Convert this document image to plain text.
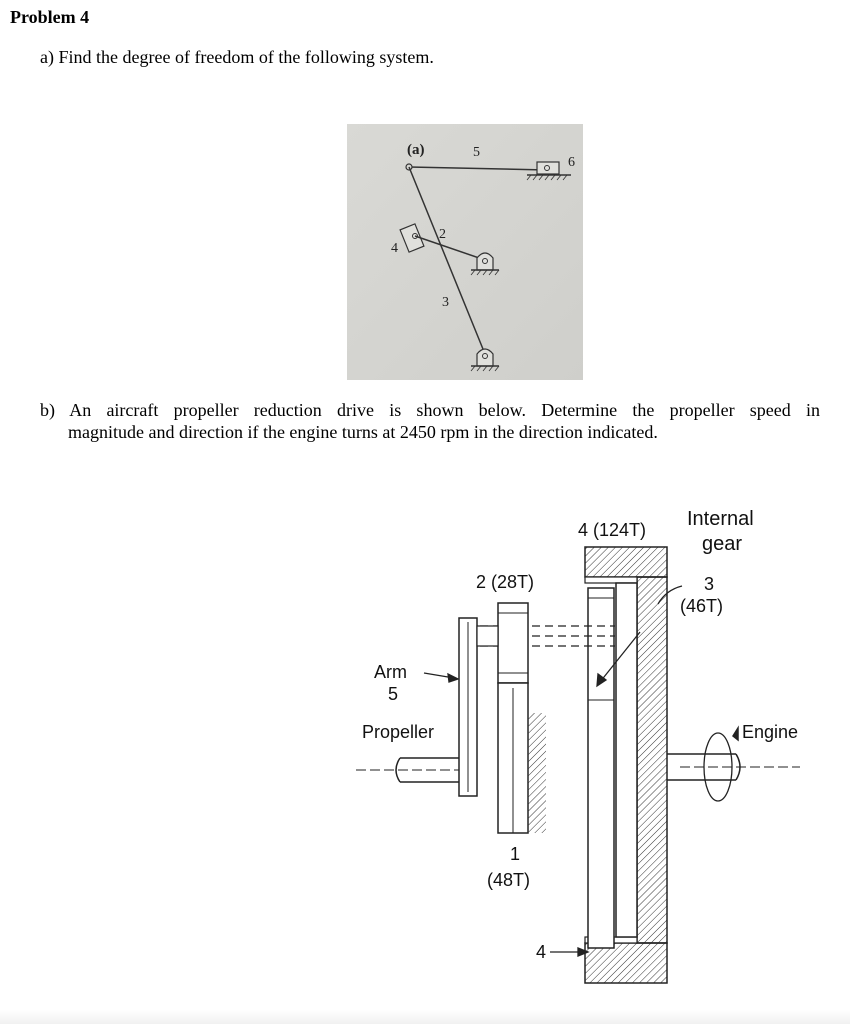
Problem 4
a) Find the degree of freedom of the following system.
(a)	5
6
4
2
3
b) An aircraft propeller reduction drive is shown below. Determine the propeller speed in
magnitude and direction if the engine turns at 2450 rpm in the direction indicated.
4 (124T) Internal
gear
2 (28T)	3
(46T)
Arm
5
Propeller	Engine
1
(48T)
4
